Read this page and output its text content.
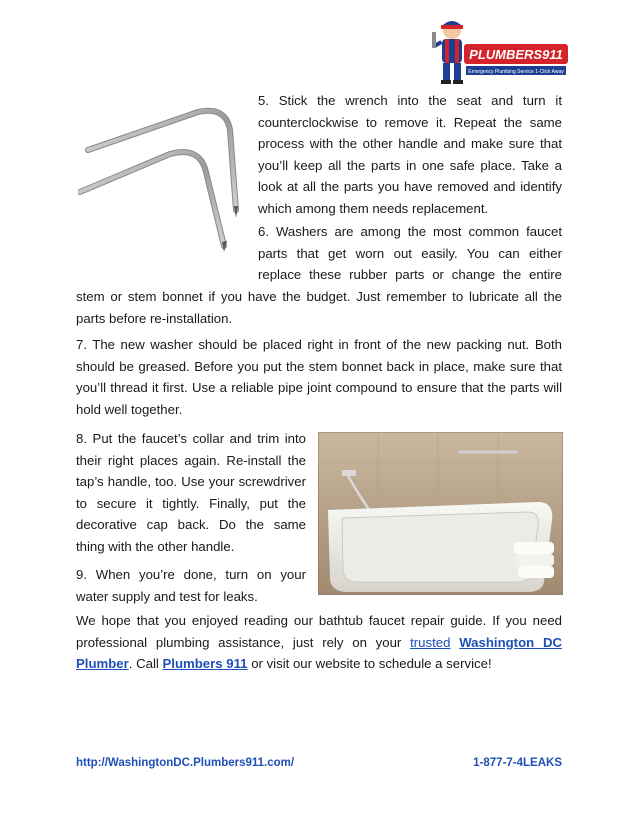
PLUMBERS911
Emergency Plumbing Service 1-Click Away

5. Stick the wrench into the seat and turn it counterclockwise to remove it. Repeat the same process with the other handle and make sure that you’ll keep all the parts in one safe place. Take a look at all the parts you have removed and identify which among them needs replacement.

6. Washers are among the most common faucet parts that get worn out easily. You can either replace these rubber parts or change the entire

stem or stem bonnet if you have the budget. Just remember to lubricate all the parts before re-installation.

7. The new washer should be placed right in front of the new packing nut. Both should be greased. Before you put the stem bonnet back in place, make sure that you’ll thread it first. Use a reliable pipe joint compound to ensure that the parts will hold well together.

8. Put the faucet’s collar and trim into their right places again. Re-install the tap’s handle, too. Use your screwdriver to secure it tightly. Finally, put the decorative cap back. Do the same thing with the other handle.

9. When you’re done, turn on your water supply and test for leaks.

We hope that you enjoyed reading our bathtub faucet repair guide. If you need professional plumbing assistance, just rely on your trusted Washington DC Plumber. Call Plumbers 911 or visit our website to schedule a service!

http://WashingtonDC.Plumbers911.com/	1-877-7-4LEAKS
